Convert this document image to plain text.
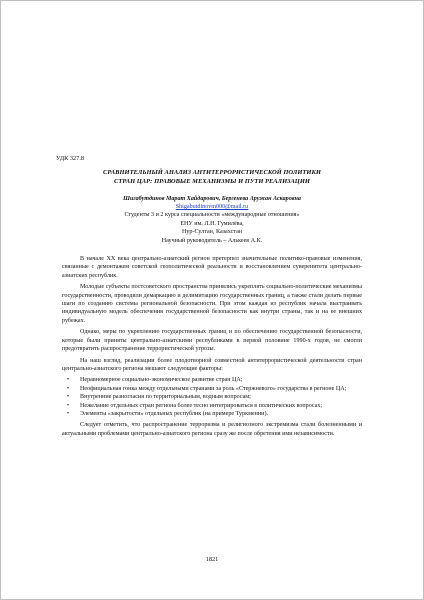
УДК 327.8

СРАВНИТЕЛЬНЫЙ АНАЛИЗ АНТИТЕРРОРИСТИЧЕСКОЙ ПОЛИТИКИ
СТРАН ЦАР: ПРАВОВЫЕ МЕХАНИЗМЫ И ПУТИ РЕАЛИЗАЦИИ

Шигабутдинов Марат Хайдарович, Бергенева Аружан Аскаровна

Shigabutdinovm000@mail.ru

Студенты 3 и 2 курса специальности «международные отношения»

ЕНУ им. Л.Н. Гумилёва,

Нур-Султан, Казахстан

Научный руководитель – Алькеев А.К.

В начале XX века центрально-азиатский регион претерпел значительные политико-правовые изменения, связанные с демонтажем советской геополитической реальности и восстановлением суверенитета центрально-азиатских республик.

Молодые субъекты постсоветского пространства принялись укреплять социально-политические механизмы государственности, проводили демаркацию и делимитацию государственных границ, а также стали делать первые шаги по созданию системы региональной безопасности. При этом каждая из республик начала выстраивать индивидуальную модель обеспечения государственной безопасности как внутри страны, так и на ее внешних рубежах.

Однако, меры по укреплению государственных границ и по обеспечению государственной безопасности, которые были приняты центрально-азиатскими республиками в первой половине 1990-х годов, не смогли предотвратить распространение террористической угрозы.

На наш взгляд, реализации более плодотворной совместной антитеррористической деятельности стран центрально-азиатского региона мешают следующие факторы:

• Неравномерное социально-экономическое развитие стран ЦА;
• Неофициальная гонка между отдельными странами за роль «Стержневого» государства в регионе ЦА;
• Внутренние разногласия по территориальным, водным вопросам;
• Нежелание отдельных стран региона более тесно интегрироваться в политических вопросах;
• Элементы «закрытости» отдельных республик (на примере Туркмении).

Следует отметить, что распространение терроризма и религиозного экстремизма стали болезненными и актуальными проблемами центрально-азиатского региона сразу же после обретения ими независимости.

1821
